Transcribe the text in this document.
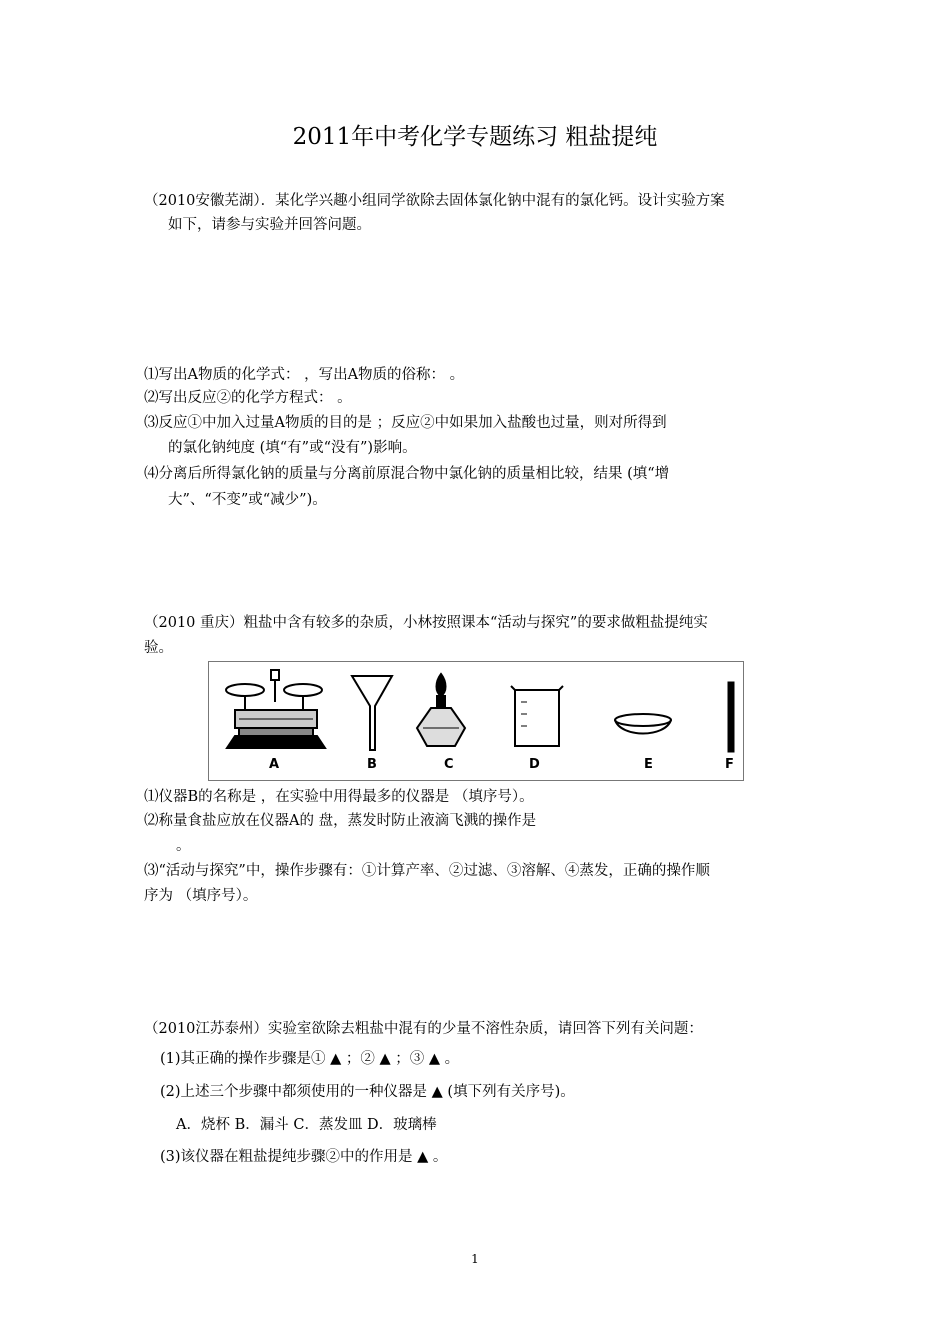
2011年中考化学专题练习 粗盐提纯
（2010安徽芜湖）．某化学兴趣小组同学欲除去固体氯化钠中混有的氯化钙。设计实验方案
如下，请参与实验并回答问题。
⑴写出A物质的化学式： ，写出A物质的俗称： 。
⑵写出反应②的化学方程式： 。
⑶反应①中加入过量A物质的目的是 ；反应②中如果加入盐酸也过量，则对所得到
的氯化钠纯度 (填“有”或“没有”)影响。
⑷分离后所得氯化钠的质量与分离前原混合物中氯化钠的质量相比较，结果 (填“增
大”、“不变”或“减少”)。
（2010 重庆）粗盐中含有较多的杂质，小林按照课本“活动与探究”的要求做粗盐提纯实
验。
A	B	C	D	E	F
⑴仪器B的名称是 ，在实验中用得最多的仪器是 （填序号）。
⑵称量食盐应放在仪器A的 盘，蒸发时防止液滴飞溅的操作是
。
⑶“活动与探究”中，操作步骤有：①计算产率、②过滤、③溶解、④蒸发，正确的操作顺
序为 （填序号）。
（2010江苏泰州）实验室欲除去粗盐中混有的少量不溶性杂质，请回答下列有关问题：
(1)其正确的操作步骤是① ▲ ；② ▲ ；③ ▲ 。
(2)上述三个步骤中都须使用的一种仪器是 ▲ (填下列有关序号)。
A．烧杯 B．漏斗 C．蒸发皿 D．玻璃棒
(3)该仪器在粗盐提纯步骤②中的作用是 ▲ 。
1
